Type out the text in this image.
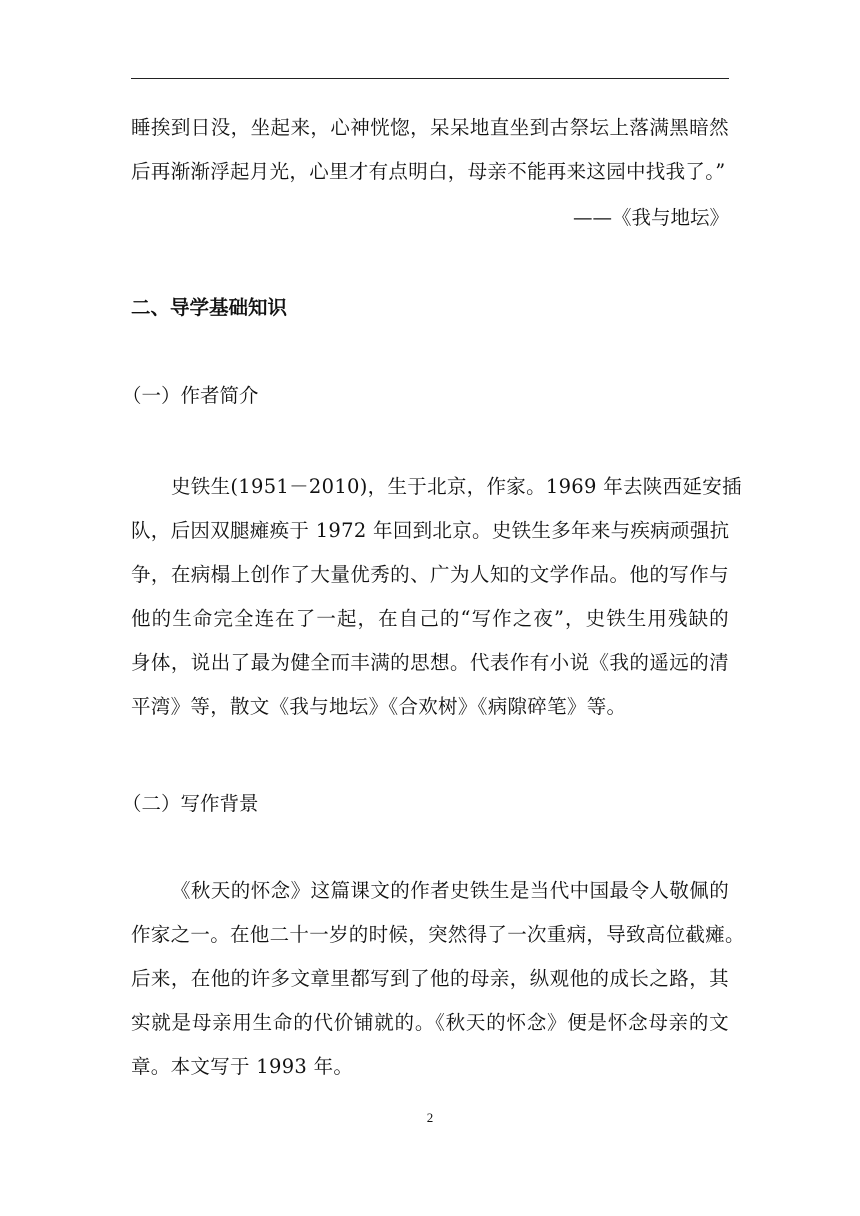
睡挨到日没，坐起来，心神恍惚，呆呆地直坐到古祭坛上落满黑暗然
后再渐渐浮起月光，心里才有点明白，母亲不能再来这园中找我了。”
——《我与地坛》
二、导学基础知识
（一）作者简介
史铁生(1951－2010)，生于北京，作家。1969 年去陕西延安插
队，后因双腿瘫痪于 1972 年回到北京。史铁生多年来与疾病顽强抗
争，在病榻上创作了大量优秀的、广为人知的文学作品。他的写作与
他的生命完全连在了一起，在自己的“写作之夜”，史铁生用残缺的
身体，说出了最为健全而丰满的思想。代表作有小说《我的遥远的清
平湾》等，散文《我与地坛》《合欢树》《病隙碎笔》等。
（二）写作背景
《秋天的怀念》这篇课文的作者史铁生是当代中国最令人敬佩的
作家之一。在他二十一岁的时候，突然得了一次重病，导致高位截瘫。
后来，在他的许多文章里都写到了他的母亲，纵观他的成长之路，其
实就是母亲用生命的代价铺就的。《秋天的怀念》便是怀念母亲的文
章。本文写于 1993 年。
2
